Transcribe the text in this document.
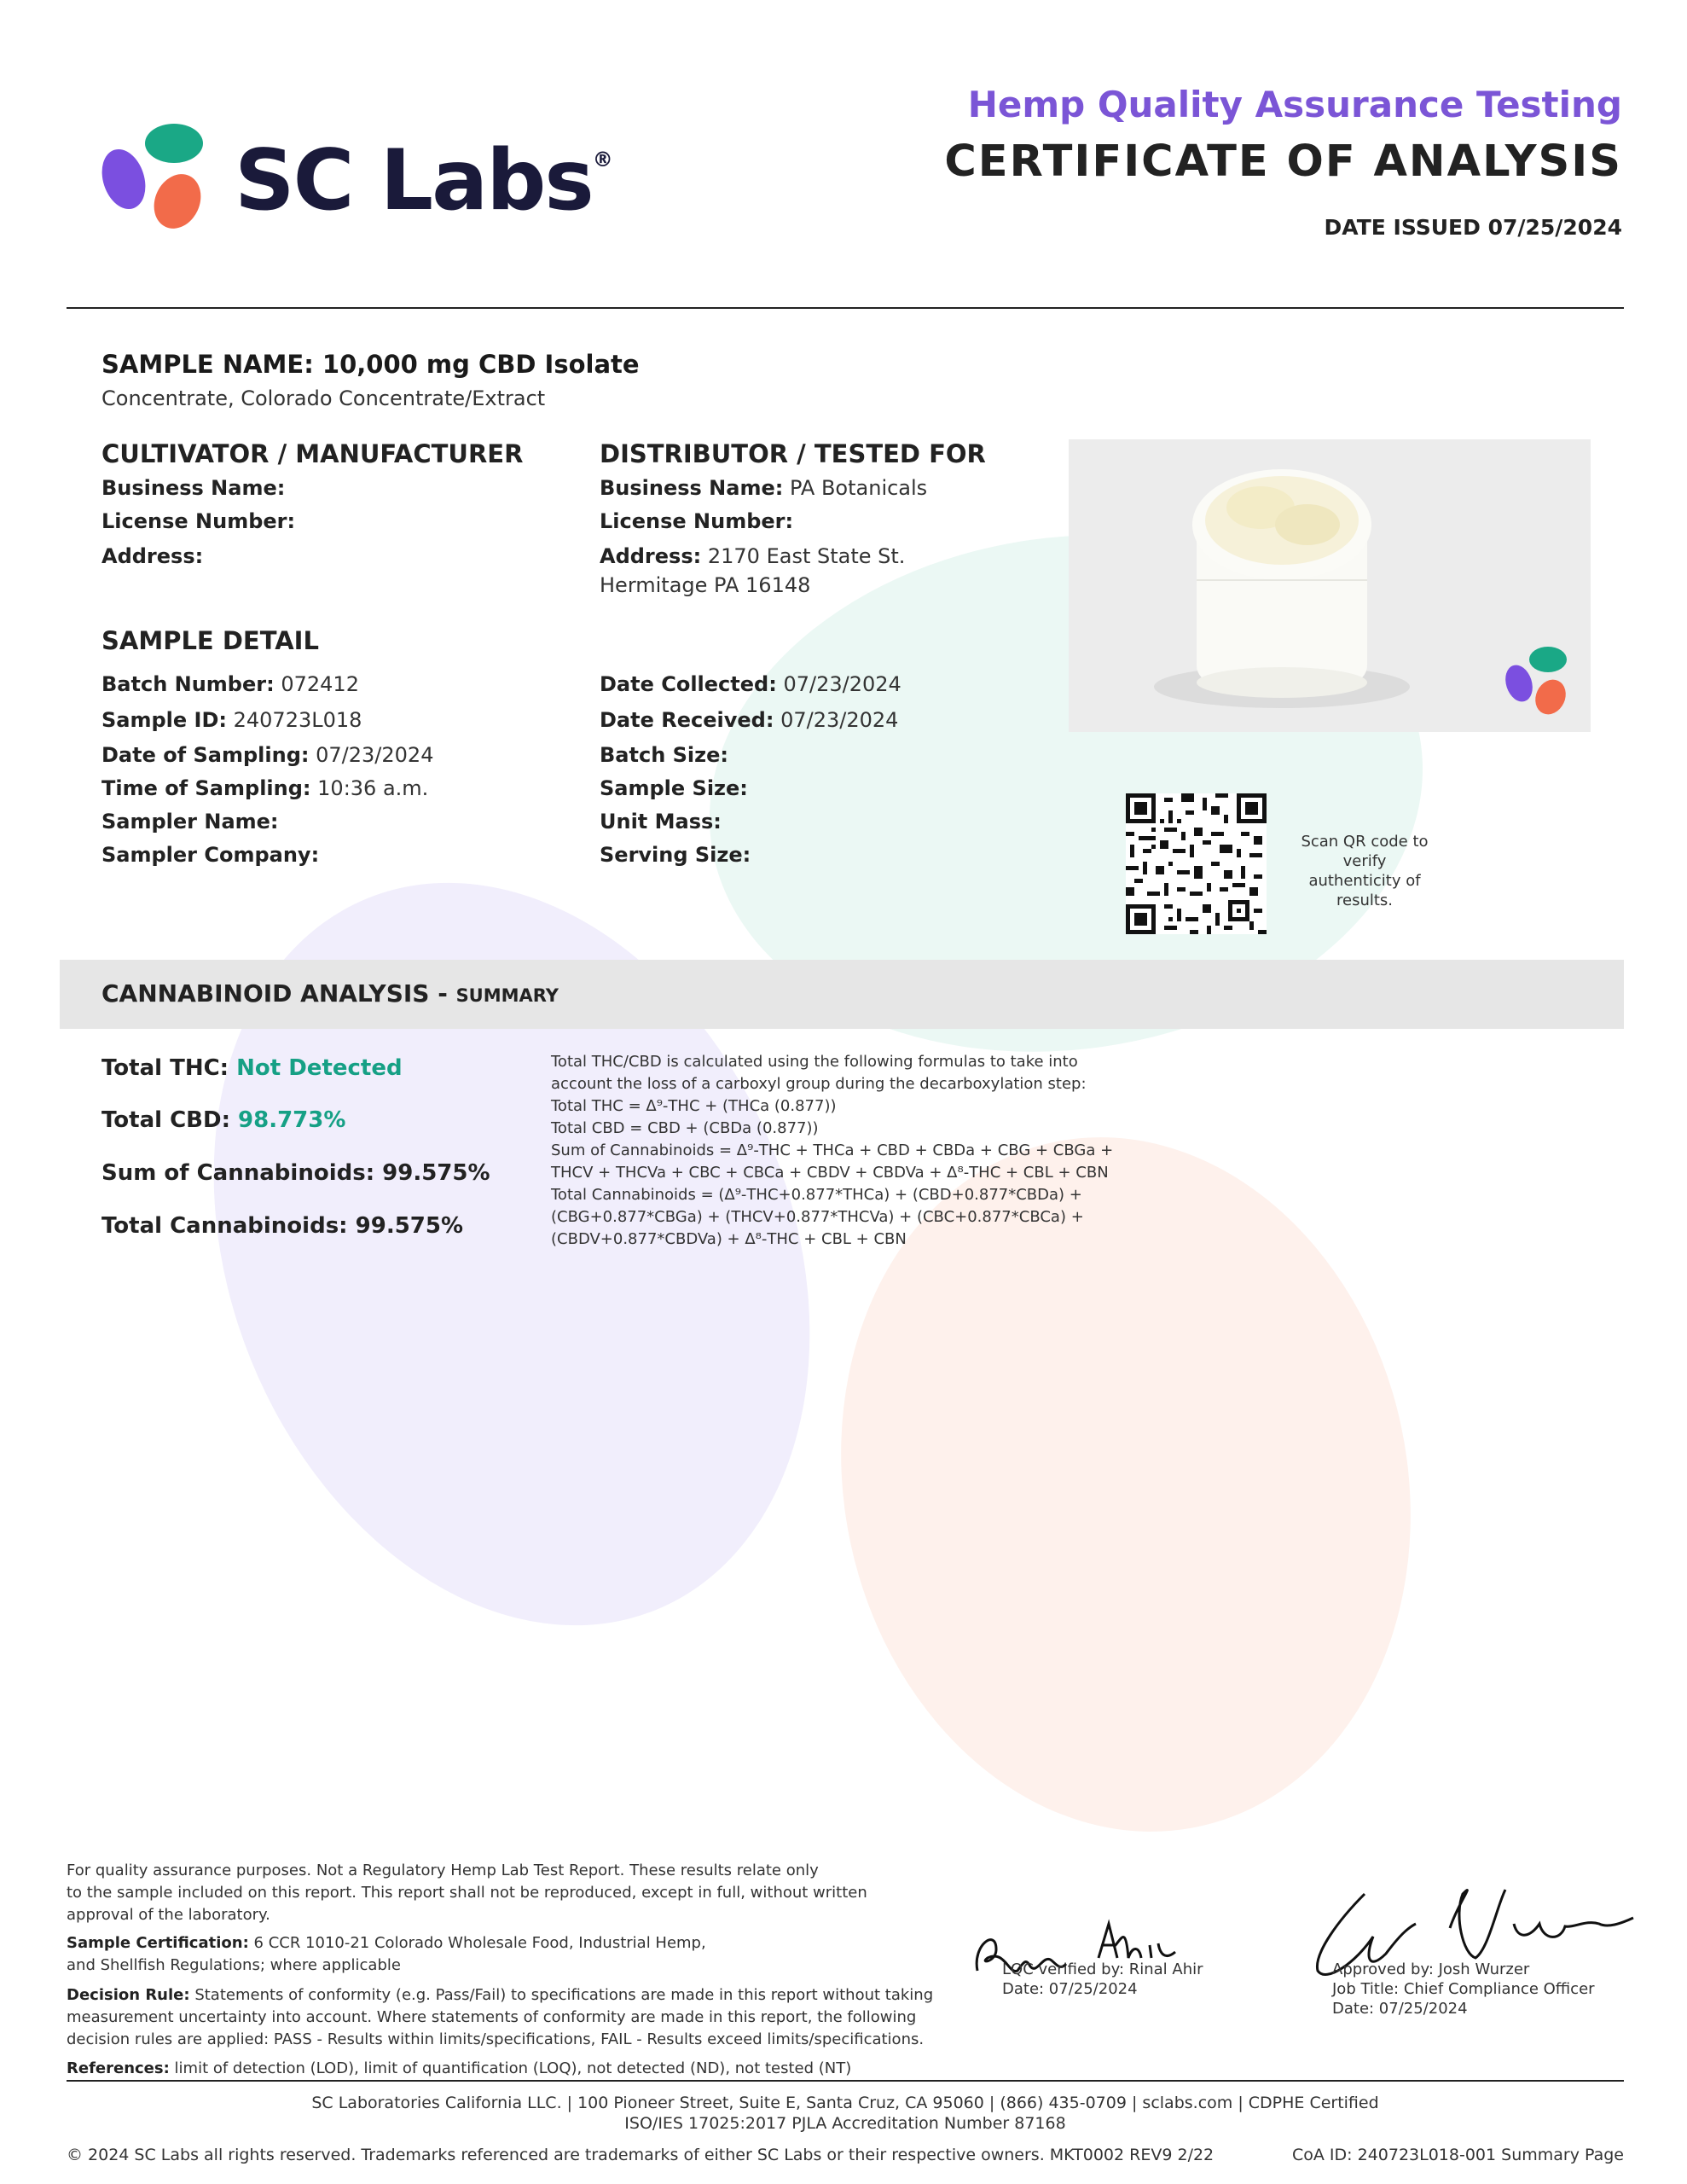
SC Labs®
Hemp Quality Assurance Testing
CERTIFICATE OF ANALYSIS
DATE ISSUED 07/25/2024
SAMPLE NAME: 10,000 mg CBD Isolate
Concentrate, Colorado Concentrate/Extract
CULTIVATOR / MANUFACTURER
Business Name:
License Number:
Address:
DISTRIBUTOR / TESTED FOR
Business Name: PA Botanicals
License Number:
Address: 2170 East State St.
Hermitage PA 16148
SAMPLE DETAIL
Batch Number: 072412
Sample ID: 240723L018
Date of Sampling: 07/23/2024
Time of Sampling: 10:36 a.m.
Sampler Name:
Sampler Company:
Date Collected: 07/23/2024
Date Received: 07/23/2024
Batch Size:
Sample Size:
Unit Mass:
Serving Size:
Scan QR code to verify
authenticity of results.
CANNABINOID ANALYSIS - SUMMARY
Total THC: Not Detected
Total CBD: 98.773%
Sum of Cannabinoids: 99.575%
Total Cannabinoids: 99.575%
Total THC/CBD is calculated using the following formulas to take into
account the loss of a carboxyl group during the decarboxylation step:
Total THC = Δ⁹-THC + (THCa (0.877))
Total CBD = CBD + (CBDa (0.877))
Sum of Cannabinoids = Δ⁹-THC + THCa + CBD + CBDa + CBG + CBGa +
THCV + THCVa + CBC + CBCa + CBDV + CBDVa + Δ⁸-THC + CBL + CBN
Total Cannabinoids = (Δ⁹-THC+0.877*THCa) + (CBD+0.877*CBDa) +
(CBG+0.877*CBGa) + (THCV+0.877*THCVa) + (CBC+0.877*CBCa) +
(CBDV+0.877*CBDVa) + Δ⁸-THC + CBL + CBN
For quality assurance purposes. Not a Regulatory Hemp Lab Test Report. These results relate only
to the sample included on this report. This report shall not be reproduced, except in full, without written
approval of the laboratory.
Sample Certification: 6 CCR 1010-21 Colorado Wholesale Food, Industrial Hemp,
and Shellfish Regulations; where applicable
Decision Rule: Statements of conformity (e.g. Pass/Fail) to specifications are made in this report without taking
measurement uncertainty into account. Where statements of conformity are made in this report, the following
decision rules are applied: PASS - Results within limits/specifications, FAIL - Results exceed limits/specifications.
References: limit of detection (LOD), limit of quantification (LOQ), not detected (ND), not tested (NT)
LQC verified by: Rinal Ahir
Date: 07/25/2024
Approved by: Josh Wurzer
Job Title: Chief Compliance Officer
Date: 07/25/2024
SC Laboratories California LLC. | 100 Pioneer Street, Suite E, Santa Cruz, CA 95060 | (866) 435-0709 | sclabs.com | CDPHE Certified
ISO/IES 17025:2017 PJLA Accreditation Number 87168
© 2024 SC Labs all rights reserved. Trademarks referenced are trademarks of either SC Labs or their respective owners. MKT0002 REV9 2/22	CoA ID: 240723L018-001 Summary Page
